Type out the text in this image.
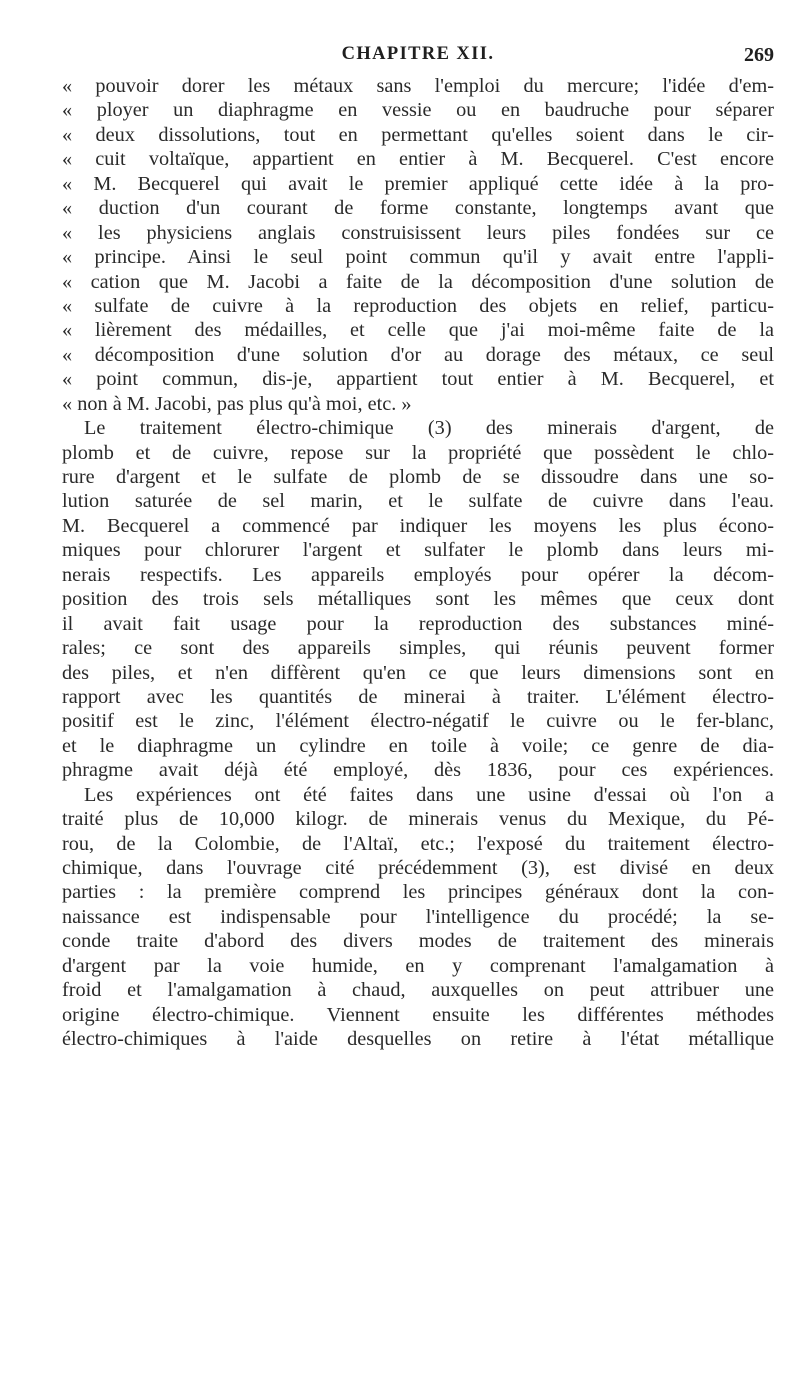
CHAPITRE XII.	269
« pouvoir dorer les métaux sans l'emploi du mercure; l'idée d'em-
« ployer un diaphragme en vessie ou en baudruche pour séparer
« deux dissolutions, tout en permettant qu'elles soient dans le cir-
« cuit voltaïque, appartient en entier à M. Becquerel. C'est encore
« M. Becquerel qui avait le premier appliqué cette idée à la pro-
« duction d'un courant de forme constante, longtemps avant que
« les physiciens anglais construisissent leurs piles fondées sur ce
« principe. Ainsi le seul point commun qu'il y avait entre l'appli-
« cation que M. Jacobi a faite de la décomposition d'une solution de
« sulfate de cuivre à la reproduction des objets en relief, particu-
« lièrement des médailles, et celle que j'ai moi-même faite de la
« décomposition d'une solution d'or au dorage des métaux, ce seul
« point commun, dis-je, appartient tout entier à M. Becquerel, et
« non à M. Jacobi, pas plus qu'à moi, etc. »
Le traitement électro-chimique (3) des minerais d'argent, de
plomb et de cuivre, repose sur la propriété que possèdent le chlo-
rure d'argent et le sulfate de plomb de se dissoudre dans une so-
lution saturée de sel marin, et le sulfate de cuivre dans l'eau.
M. Becquerel a commencé par indiquer les moyens les plus écono-
miques pour chlorurer l'argent et sulfater le plomb dans leurs mi-
nerais respectifs. Les appareils employés pour opérer la décom-
position des trois sels métalliques sont les mêmes que ceux dont
il avait fait usage pour la reproduction des substances miné-
rales; ce sont des appareils simples, qui réunis peuvent former
des piles, et n'en diffèrent qu'en ce que leurs dimensions sont en
rapport avec les quantités de minerai à traiter. L'élément électro-
positif est le zinc, l'élément électro-négatif le cuivre ou le fer-blanc,
et le diaphragme un cylindre en toile à voile; ce genre de dia-
phragme avait déjà été employé, dès 1836, pour ces expériences.
Les expériences ont été faites dans une usine d'essai où l'on a
traité plus de 10,000 kilogr. de minerais venus du Mexique, du Pé-
rou, de la Colombie, de l'Altaï, etc.; l'exposé du traitement électro-
chimique, dans l'ouvrage cité précédemment (3), est divisé en deux
parties : la première comprend les principes généraux dont la con-
naissance est indispensable pour l'intelligence du procédé; la se-
conde traite d'abord des divers modes de traitement des minerais
d'argent par la voie humide, en y comprenant l'amalgamation à
froid et l'amalgamation à chaud, auxquelles on peut attribuer une
origine électro-chimique. Viennent ensuite les différentes méthodes
électro-chimiques à l'aide desquelles on retire à l'état métallique
